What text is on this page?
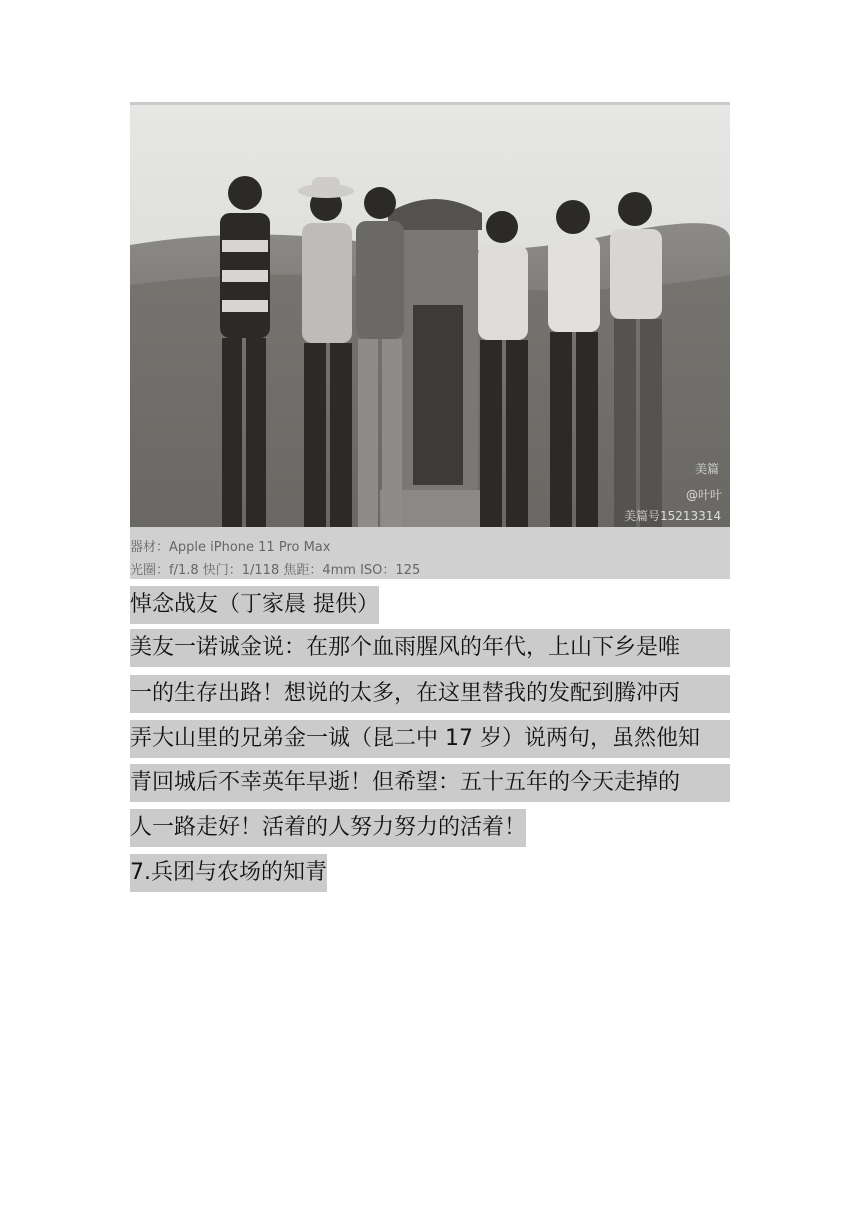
美篇
@叶叶
美篇号15213314
器材：Apple iPhone 11 Pro Max
光圈：f/1.8 快门：1/118 焦距：4mm ISO：125
悼念战友（丁家晨 提供）
美友一诺诚金说：在那个血雨腥风的年代，上山下乡是唯
一的生存出路！想说的太多，在这里替我的发配到腾冲丙
弄大山里的兄弟金一诚（昆二中 17 岁）说两句，虽然他知
青回城后不幸英年早逝！但希望：五十五年的今天走掉的
人一路走好！活着的人努力努力的活着！
7.兵团与农场的知青
